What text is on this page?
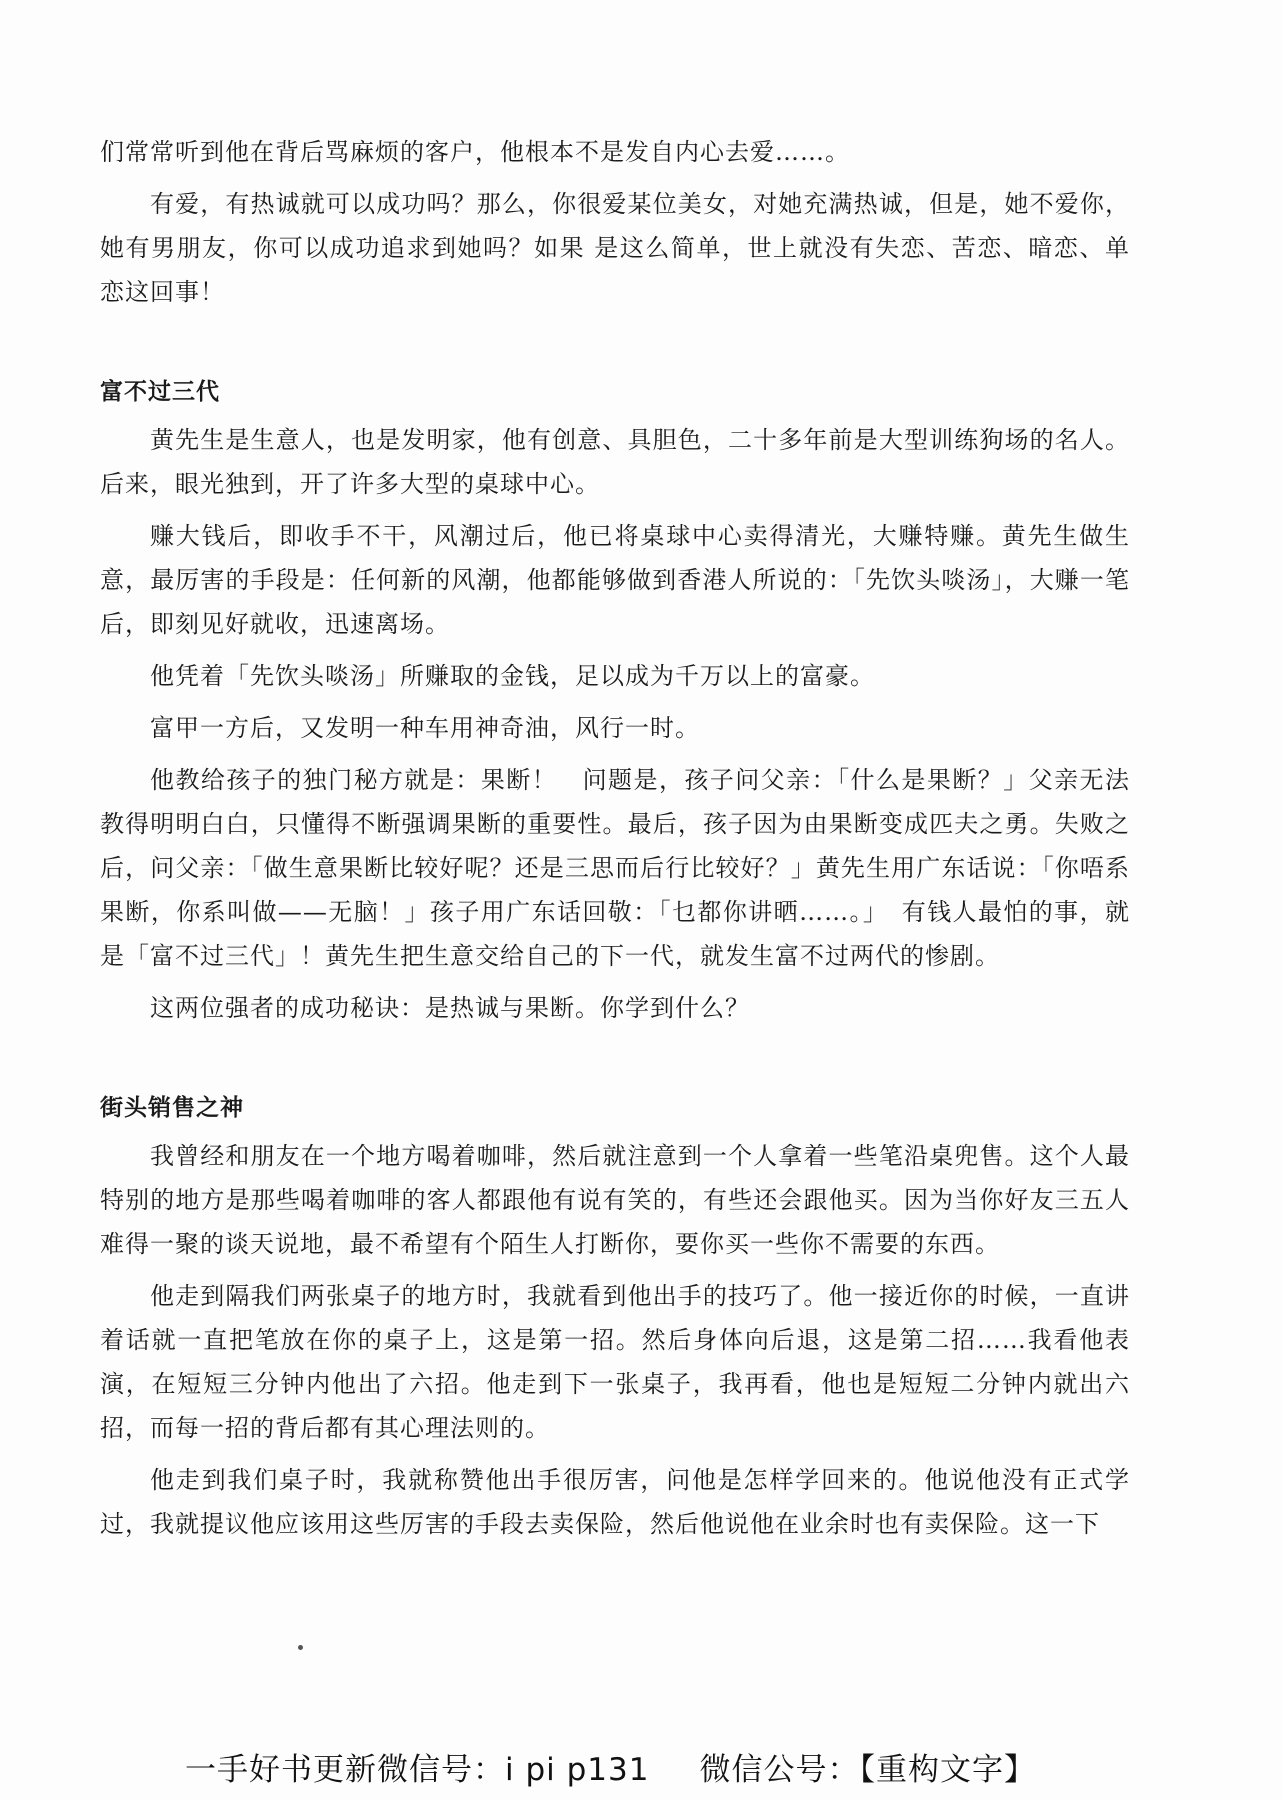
们常常听到他在背后骂麻烦的客户，他根本不是发自内心去爱……。

有爱，有热诚就可以成功吗？那么，你很爱某位美女，对她充满热诚，但是，她不爱你，她有男朋友，你可以成功追求到她吗？如果 是这么简单，世上就没有失恋、苦恋、暗恋、单恋这回事！

富不过三代

黄先生是生意人，也是发明家，他有创意、具胆色，二十多年前是大型训练狗场的名人。后来，眼光独到，开了许多大型的桌球中心。

赚大钱后，即收手不干，风潮过后，他已将桌球中心卖得清光，大赚特赚。黄先生做生意，最厉害的手段是：任何新的风潮，他都能够做到香港人所说的：「先饮头啖汤」，大赚一笔后，即刻见好就收，迅速离场。

他凭着「先饮头啖汤」所赚取的金钱，足以成为千万以上的富豪。

富甲一方后，又发明一种车用神奇油，风行一时。

他教给孩子的独门秘方就是：果断！　问题是，孩子问父亲：「什么是果断？」父亲无法教得明明白白，只懂得不断强调果断的重要性。最后，孩子因为由果断变成匹夫之勇。失败之后，问父亲：「做生意果断比较好呢？还是三思而后行比较好？」黄先生用广东话说：「你唔系果断，你系叫做——无脑！」孩子用广东话回敬：「乜都你讲晒……。」　有钱人最怕的事，就是「富不过三代」！黄先生把生意交给自己的下一代，就发生富不过两代的惨剧。

这两位强者的成功秘诀：是热诚与果断。你学到什么？

街头销售之神

我曾经和朋友在一个地方喝着咖啡，然后就注意到一个人拿着一些笔沿桌兜售。这个人最特别的地方是那些喝着咖啡的客人都跟他有说有笑的，有些还会跟他买。因为当你好友三五人难得一聚的谈天说地，最不希望有个陌生人打断你，要你买一些你不需要的东西。

他走到隔我们两张桌子的地方时，我就看到他出手的技巧了。他一接近你的时候，一直讲着话就一直把笔放在你的桌子上，这是第一招。然后身体向后退，这是第二招……我看他表演，在短短三分钟内他出了六招。他走到下一张桌子，我再看，他也是短短二分钟内就出六招，而每一招的背后都有其心理法则的。

他走到我们桌子时，我就称赞他出手很厉害，问他是怎样学回来的。他说他没有正式学过，我就提议他应该用这些厉害的手段去卖保险，然后他说他在业余时也有卖保险。这一下

一手好书更新微信号：i pi p131 微信公号：【重构文字】
